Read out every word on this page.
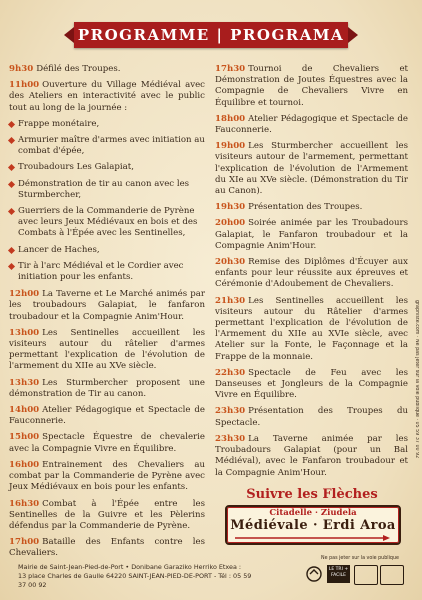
PROGRAMME | PROGRAMA
9h30 Défilé des Troupes.
11h00 Ouverture du Village Médiéval avec des Ateliers en interactivité avec le public tout au long de la journée :
Frappe monétaire,
Armurier maître d'armes avec initiation au combat d'épée,
Troubadours Les Galapiat,
Démonstration de tir au canon avec les Sturmbercher,
Guerriers de la Commanderie de Pyrène avec leurs Jeux Médiévaux en bois et des Combats à l'Épée avec les Sentinelles,
Lancer de Haches,
Tir à l'arc Médiéval et le Cordier avec initiation pour les enfants.
12h00 La Taverne et Le Marché animés par les troubadours Galapiat, le fanfaron troubadour et la Compagnie Anim'Hour.
13h00 Les Sentinelles accueillent les visiteurs autour du râtelier d'armes permettant l'explication de l'évolution de l'armement du XIIe au XVe siècle.
13h30 Les Sturmbercher proposent une démonstration de Tir au canon.
14h00 Atelier Pédagogique et Spectacle de Fauconnerie.
15h00 Spectacle Équestre de chevalerie avec la Compagnie Vivre en Équilibre.
16h00 Entrainement des Chevaliers au combat par la Commanderie de Pyrène avec Jeux Médiévaux en bois pour les enfants.
16h30 Combat à l'Épée entre les Sentinelles de la Guivre et les Pèlerins défendus par la Commanderie de Pyrène.
17h00 Bataille des Enfants contre les Chevaliers.
17h30 Tournoi de Chevaliers et Démonstration de Joutes Équestres avec la Compagnie de Chevaliers Vivre en Équilibre et tournoi.
18h00 Atelier Pédagogique et Spectacle de Fauconnerie.
19h00 Les Sturmbercher accueillent les visiteurs autour de l'armement, permettant l'explication de l'évolution de l'Armement du XIe au XVe siècle. (Démonstration du Tir au Canon).
19h30 Présentation des Troupes.
20h00 Soirée animée par les Troubadours Galapiat, le Fanfaron troubadour et la Compagnie Anim'Hour.
20h30 Remise des Diplômes d'Écuyer aux enfants pour leur réussite aux épreuves et Cérémonie d'Adoubement de Chevaliers.
21h30 Les Sentinelles accueillent les visiteurs autour du Râtelier d'armes permettant l'explication de l'évolution de l'Armement du XIIe au XVIe siècle, avec Atelier sur la Fonte, le Façonnage et la Frappe de la monnaie.
22h30 Spectacle de Feu avec les Danseuses et Jongleurs de la Compagnie Vivre en Équilibre.
23h30 Présentation des Troupes du Spectacle.
23h30 La Taverne animée par les Troubadours Galapiat (pour un Bal Médiéval), avec le Fanfaron troubadour et la Compagnie Anim'Hour.
Suivre les Flèches
Citadelle · Ziudela
Médiévale · Erdi Aroa
Mairie de Saint-Jean-Pied-de-Port • Donibane Garaziko Herriko Etxea :
13 place Charles de Gaulle 64220 SAINT-JEAN-PIED-DE-PORT - Tél : 05 59 37 00 92
Ne pas jeter sur la voie publique
LE TRI + FACILE
graphiste.com · Ne pas jeter sur la voie publique · 05 59 37 00 92
